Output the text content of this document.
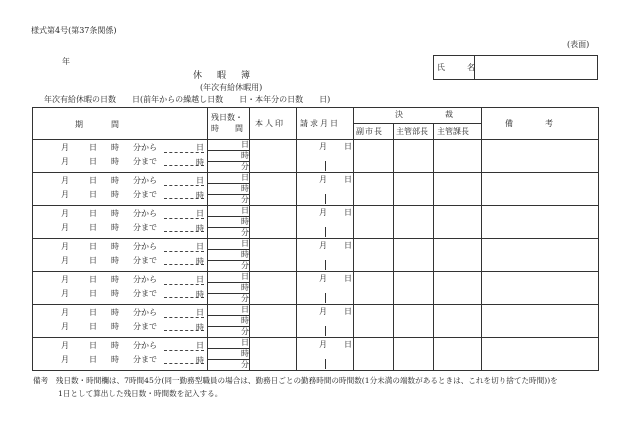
様式第4号(第37条関係)
(表面)
年
休　暇　簿
(年次有給休暇用)
氏　　名
年次有給休暇の日数　　 日(前年からの繰越し日数　　 日・本年分の日数　　 日)
期　　　間
残日数・
時　　間
本人印 請求月日
決　　　　裁
副市長 主管部長 主管課長
備　　　考
月	日 時 分から	日
月	日 時 分まで	時
日
時
分
月 日
月	日 時 分から	日
月	日 時 分まで	時
日
時
分
月 日
月	日 時 分から	日
月	日 時 分まで	時
日
時
分
月 日
月	日 時 分から	日
月	日 時 分まで	時
日
時
分
月 日
月	日 時 分から	日
月	日 時 分まで	時
日
時
分
月 日
月	日 時 分から	日
月	日 時 分まで	時
日
時
分
月 日
月	日 時 分から	日
月	日 時 分まで	時
日
時
分
月 日
備考　残日数・時間欄は、7時間45分(同一勤務型職員の場合は、勤務日ごとの勤務時間の時間数(1分未満の端数があるときは、これを切り捨てた時間))を
1日として算出した残日数・時間数を記入する。
